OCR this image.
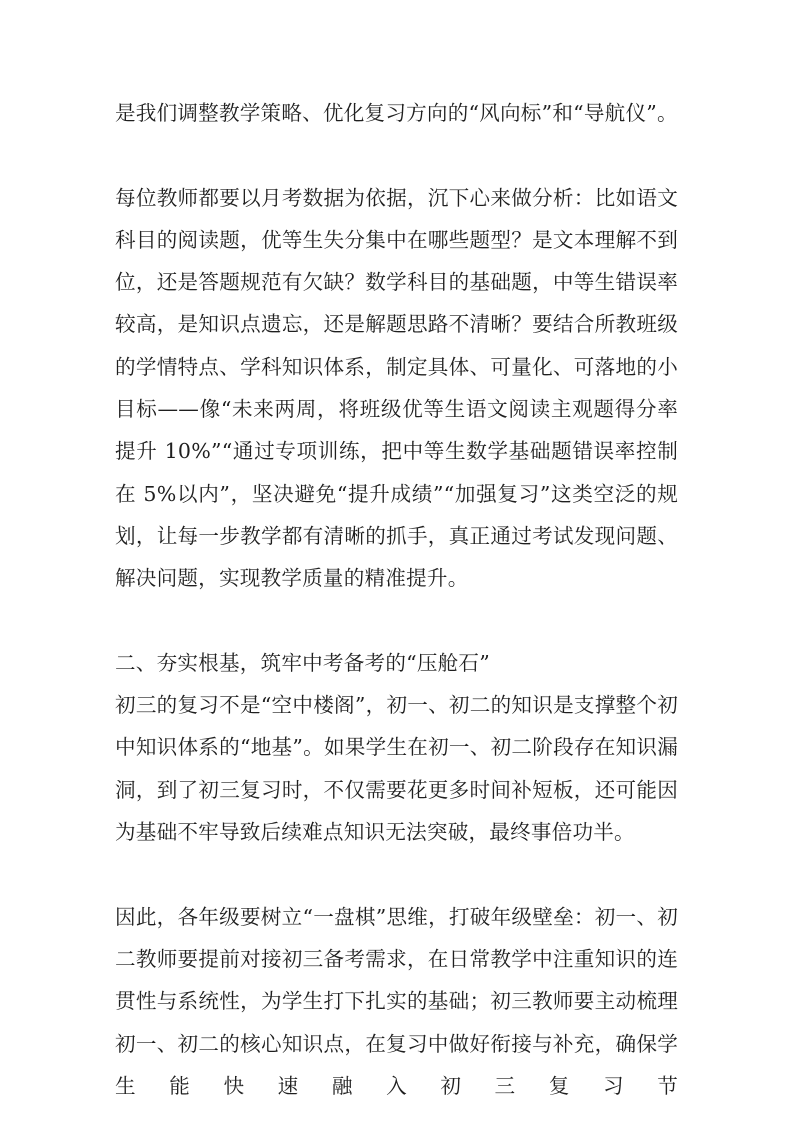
是我们调整教学策略、优化复习方向的“风向标”和“导航仪”。

每位教师都要以月考数据为依据，沉下心来做分析：比如语文科目的阅读题，优等生失分集中在哪些题型？是文本理解不到位，还是答题规范有欠缺？数学科目的基础题，中等生错误率较高，是知识点遗忘，还是解题思路不清晰？要结合所教班级的学情特点、学科知识体系，制定具体、可量化、可落地的小目标——像“未来两周，将班级优等生语文阅读主观题得分率提升 10%”“通过专项训练，把中等生数学基础题错误率控制在 5%以内”，坚决避免“提升成绩”“加强复习”这类空泛的规划，让每一步教学都有清晰的抓手，真正通过考试发现问题、解决问题，实现教学质量的精准提升。

二、夯实根基，筑牢中考备考的“压舱石”

初三的复习不是“空中楼阁”，初一、初二的知识是支撑整个初中知识体系的“地基”。如果学生在初一、初二阶段存在知识漏洞，到了初三复习时，不仅需要花更多时间补短板，还可能因为基础不牢导致后续难点知识无法突破，最终事倍功半。

因此，各年级要树立“一盘棋”思维，打破年级壁垒：初一、初二教师要提前对接初三备考需求，在日常教学中注重知识的连贯性与系统性，为学生打下扎实的基础；初三教师要主动梳理初一、初二的核心知识点，在复习中做好衔接与补充，确保学生能快速融入初三复习节
